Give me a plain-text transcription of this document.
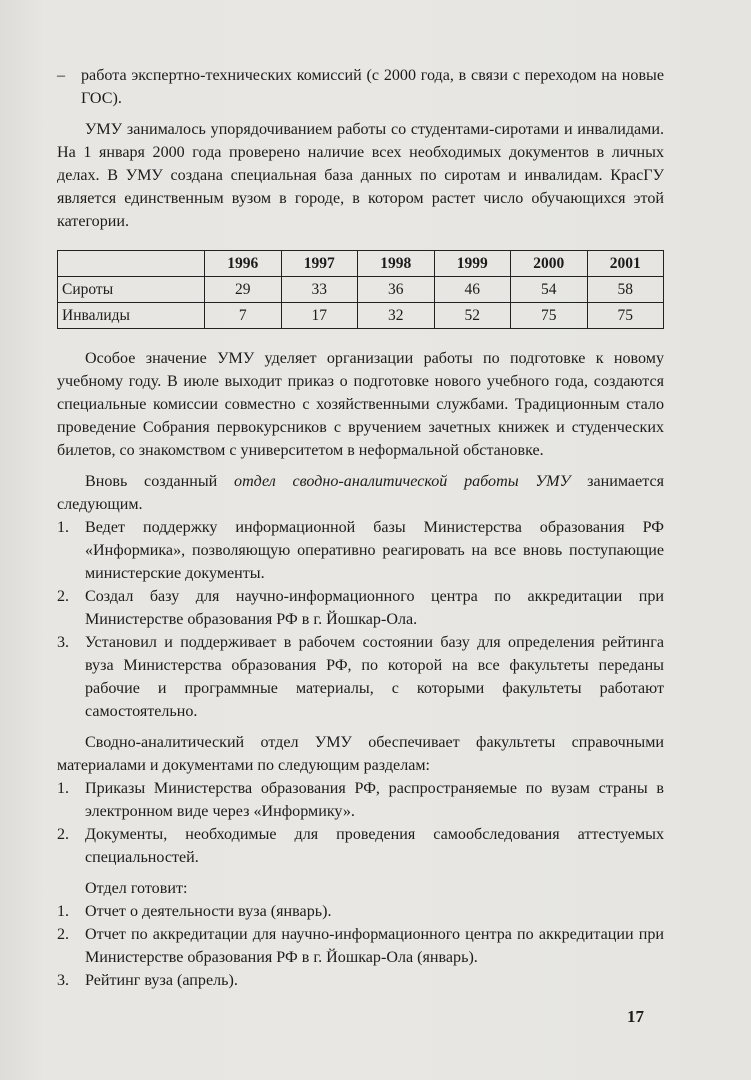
– работа экспертно-технических комиссий (с 2000 года, в связи с переходом на новые ГОС).

УМУ занималось упорядочиванием работы со студентами-сиротами и инвалидами. На 1 января 2000 года проверено наличие всех необходимых документов в личных делах. В УМУ создана специальная база данных по сиротам и инвалидам. КрасГУ является единственным вузом в городе, в котором растет число обучающихся этой категории.

	1996	1997	1998	1999	2000	2001
Сироты	29	33	36	46	54	58
Инвалиды	7	17	32	52	75	75

Особое значение УМУ уделяет организации работы по подготовке к новому учебному году. В июле выходит приказ о подготовке нового учебного года, создаются специальные комиссии совместно с хозяйственными службами. Традиционным стало проведение Собрания первокурсников с вручением зачетных книжек и студенческих билетов, со знакомством с университетом в неформальной обстановке.

Вновь созданный отдел сводно-аналитической работы УМУ занимается следующим.

1. Ведет поддержку информационной базы Министерства образования РФ «Информика», позволяющую оперативно реагировать на все вновь поступающие министерские документы.

2. Создал базу для научно-информационного центра по аккредитации при Министерстве образования РФ в г. Йошкар-Ола.

3. Установил и поддерживает в рабочем состоянии базу для определения рейтинга вуза Министерства образования РФ, по которой на все факультеты переданы рабочие и программные материалы, с которыми факультеты работают самостоятельно.

Сводно-аналитический отдел УМУ обеспечивает факультеты справочными материалами и документами по следующим разделам:

1. Приказы Министерства образования РФ, распространяемые по вузам страны в электронном виде через «Информику».

2. Документы, необходимые для проведения самообследования аттестуемых специальностей.

Отдел готовит:

1. Отчет о деятельности вуза (январь).

2. Отчет по аккредитации для научно-информационного центра по аккредитации при Министерстве образования РФ в г. Йошкар-Ола (январь).

3. Рейтинг вуза (апрель).

17
